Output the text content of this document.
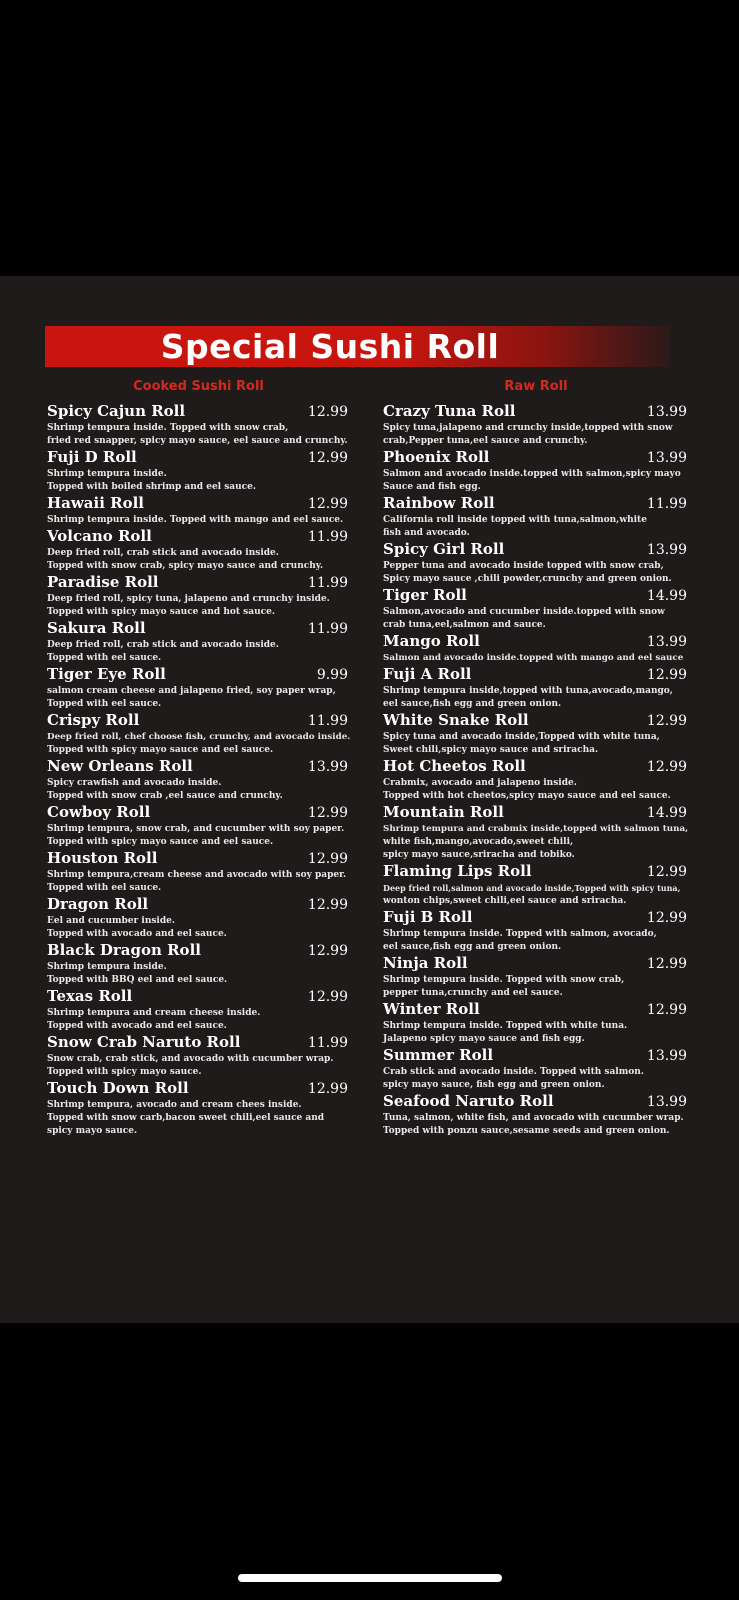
Special Sushi Roll
Cooked Sushi Roll
Spicy Cajun Roll	12.99
Shrimp tempura inside. Topped with snow crab,
fried red snapper, spicy mayo sauce, eel sauce and crunchy.
Fuji D Roll	12.99
Shrimp tempura inside.
Topped with boiled shrimp and eel sauce.
Hawaii Roll	12.99
Shrimp tempura inside. Topped with mango and eel sauce.
Volcano Roll	11.99
Deep fried roll, crab stick and avocado inside.
Topped with snow crab, spicy mayo sauce and crunchy.
Paradise Roll	11.99
Deep fried roll, spicy tuna, jalapeno and crunchy inside.
Topped with spicy mayo sauce and hot sauce.
Sakura Roll	11.99
Deep fried roll, crab stick and avocado inside.
Topped with eel sauce.
Tiger Eye Roll	9.99
salmon cream cheese and jalapeno fried, soy paper wrap,
Topped with eel sauce.
Crispy Roll	11.99
Deep fried roll, chef choose fish, crunchy, and avocado inside.
Topped with spicy mayo sauce and eel sauce.
New Orleans Roll	13.99
Spicy crawfish and avocado inside.
Topped with snow crab ,eel sauce and crunchy.
Cowboy Roll	12.99
Shrimp tempura, snow crab, and cucumber with soy paper.
Topped with spicy mayo sauce and eel sauce.
Houston Roll	12.99
Shrimp tempura,cream cheese and avocado with soy paper.
Topped with eel sauce.
Dragon Roll	12.99
Eel and cucumber inside.
Topped with avocado and eel sauce.
Black Dragon Roll	12.99
Shrimp tempura inside.
Topped with BBQ eel and eel sauce.
Texas Roll	12.99
Shrimp tempura and cream cheese inside.
Topped with avocado and eel sauce.
Snow Crab Naruto Roll	11.99
Snow crab, crab stick, and avocado with cucumber wrap.
Topped with spicy mayo sauce.
Touch Down Roll	12.99
Shrimp tempura, avocado and cream chees inside.
Topped with snow carb,bacon sweet chili,eel sauce and
spicy mayo sauce.
Raw Roll
Crazy Tuna Roll	13.99
Spicy tuna,jalapeno and crunchy inside,topped with snow
crab,Pepper tuna,eel sauce and crunchy.
Phoenix Roll	13.99
Salmon and avocado inside.topped with salmon,spicy mayo
Sauce and fish egg.
Rainbow Roll	11.99
California roll inside topped with tuna,salmon,white
fish and avocado.
Spicy Girl Roll	13.99
Pepper tuna and avocado inside topped with snow crab,
Spicy mayo sauce ,chili powder,crunchy and green onion.
Tiger Roll	14.99
Salmon,avocado and cucumber inside.topped with snow
crab tuna,eel,salmon and sauce.
Mango Roll	13.99
Salmon and avocado inside.topped with mango and eel sauce
Fuji A Roll	12.99
Shrimp tempura inside,topped with tuna,avocado,mango,
eel sauce,fish egg and green onion.
White Snake Roll	12.99
Spicy tuna and avocado inside,Topped with white tuna,
Sweet chili,spicy mayo sauce and sriracha.
Hot Cheetos Roll	12.99
Crabmix, avocado and jalapeno inside.
Topped with hot cheetos,spicy mayo sauce and eel sauce.
Mountain Roll	14.99
Shrimp tempura and crabmix inside,topped with salmon tuna,
white fish,mango,avocado,sweet chili,
spicy mayo sauce,sriracha and tobiko.
Flaming Lips Roll	12.99
Deep fried roll,salmon and avocado inside,Topped with spicy tuna,
wonton chips,sweet chili,eel sauce and sriracha.
Fuji B Roll	12.99
Shrimp tempura inside. Topped with salmon, avocado,
eel sauce,fish egg and green onion.
Ninja Roll	12.99
Shrimp tempura inside. Topped with snow crab,
pepper tuna,crunchy and eel sauce.
Winter Roll	12.99
Shrimp tempura inside. Topped with white tuna.
Jalapeno spicy mayo sauce and fish egg.
Summer Roll	13.99
Crab stick and avocado inside. Topped with salmon.
spicy mayo sauce, fish egg and green onion.
Seafood Naruto Roll	13.99
Tuna, salmon, white fish, and avocado with cucumber wrap.
Topped with ponzu sauce,sesame seeds and green onion.
